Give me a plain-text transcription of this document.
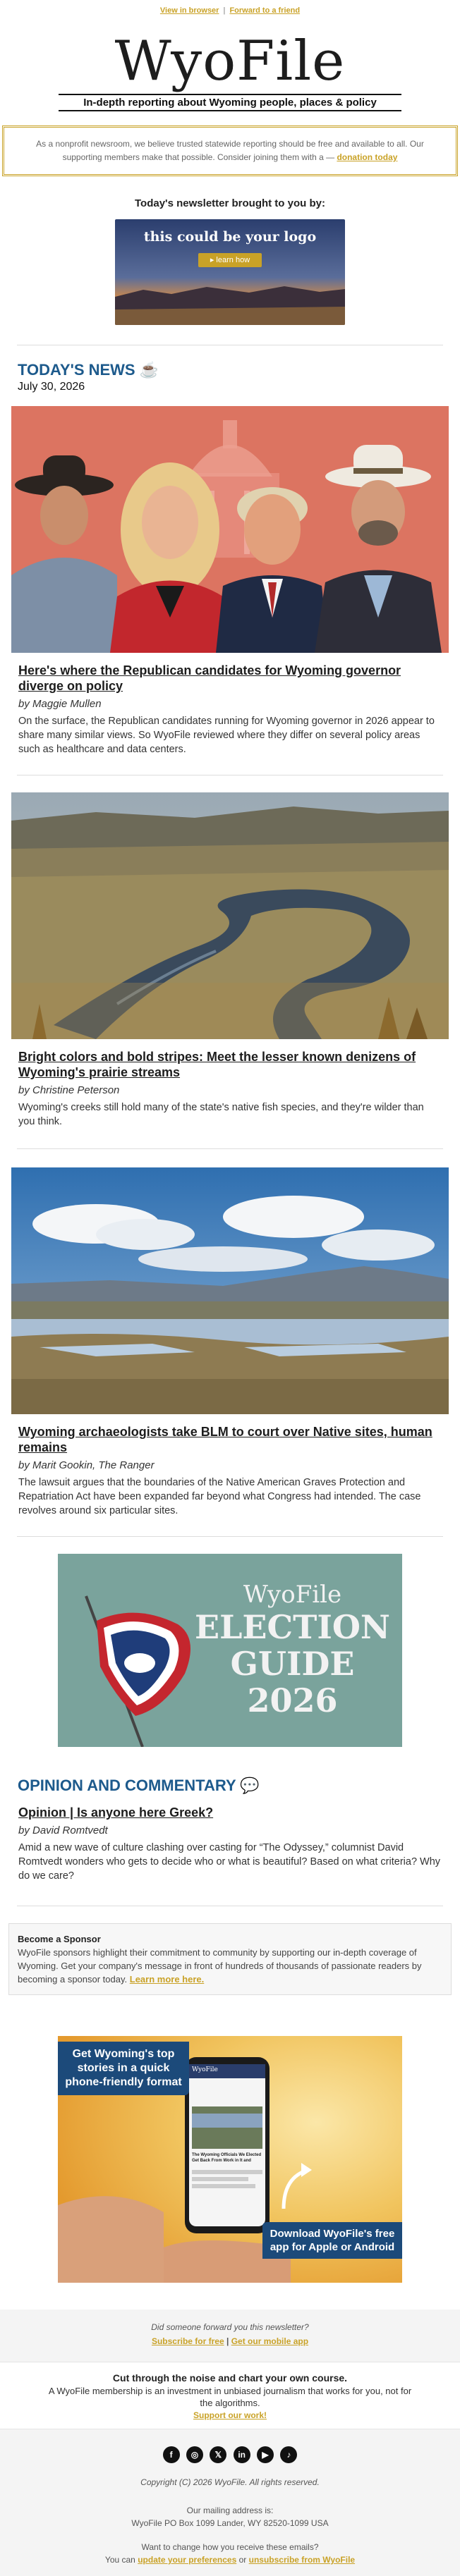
View in browser | Forward to a friend
WyoFile
In-depth reporting about Wyoming people, places & policy
As a nonprofit newsroom, we believe trusted statewide reporting should be free and available to all. Our supporting members make that possible. Consider joining them with a — donation today
Today's newsletter brought to you by:
this could be your logo
▸ learn how
TODAY'S NEWS ☕
July 30, 2026
Here's where the Republican candidates for Wyoming governor diverge on policy
by Maggie Mullen

On the surface, the Republican candidates running for Wyoming governor in 2026 appear to share many similar views. So WyoFile reviewed where they differ on several policy areas such as healthcare and data centers.

Bright colors and bold stripes: Meet the lesser known denizens of Wyoming's prairie streams
by Christine Peterson

Wyoming's creeks still hold many of the state's native fish species, and they're wilder than you think.

Wyoming archaeologists take BLM to court over Native sites, human remains
by Marit Gookin, The Ranger

The lawsuit argues that the boundaries of the Native American Graves Protection and Repatriation Act have been expanded far beyond what Congress had intended. The case revolves around six particular sites.

WyoFile
ELECTION
GUIDE
2026
OPINION AND COMMENTARY 💬
Opinion | Is anyone here Greek?
by David Romtvedt

Amid a new wave of culture clashing over casting for “The Odyssey,” columnist David Romtvedt wonders who gets to decide who or what is beautiful? Based on what criteria? Why do we care?

Become a Sponsor
WyoFile sponsors highlight their commitment to community by supporting our in-depth coverage of Wyoming. Get your company's message in front of hundreds of thousands of passionate readers by becoming a sponsor today. Learn more here.
Get Wyoming's top stories in a quick phone-friendly format
WyoFile
The Wyoming Officials We Elected Get Back From Work in It and
Download WyoFile's free app for Apple or Android
Did someone forward you this newsletter?
Subscribe for free | Get our mobile app
Cut through the noise and chart your own course.
A WyoFile membership is an investment in unbiased journalism that works for you, not for the algorithms.
Support our work!
f ◎ 𝕏 in ▶ ♪
Copyright (C) 2026 WyoFile. All rights reserved.
Our mailing address is:
WyoFile PO Box 1099 Lander, WY 82520-1099 USA
Want to change how you receive these emails?
You can update your preferences or unsubscribe from WyoFile
